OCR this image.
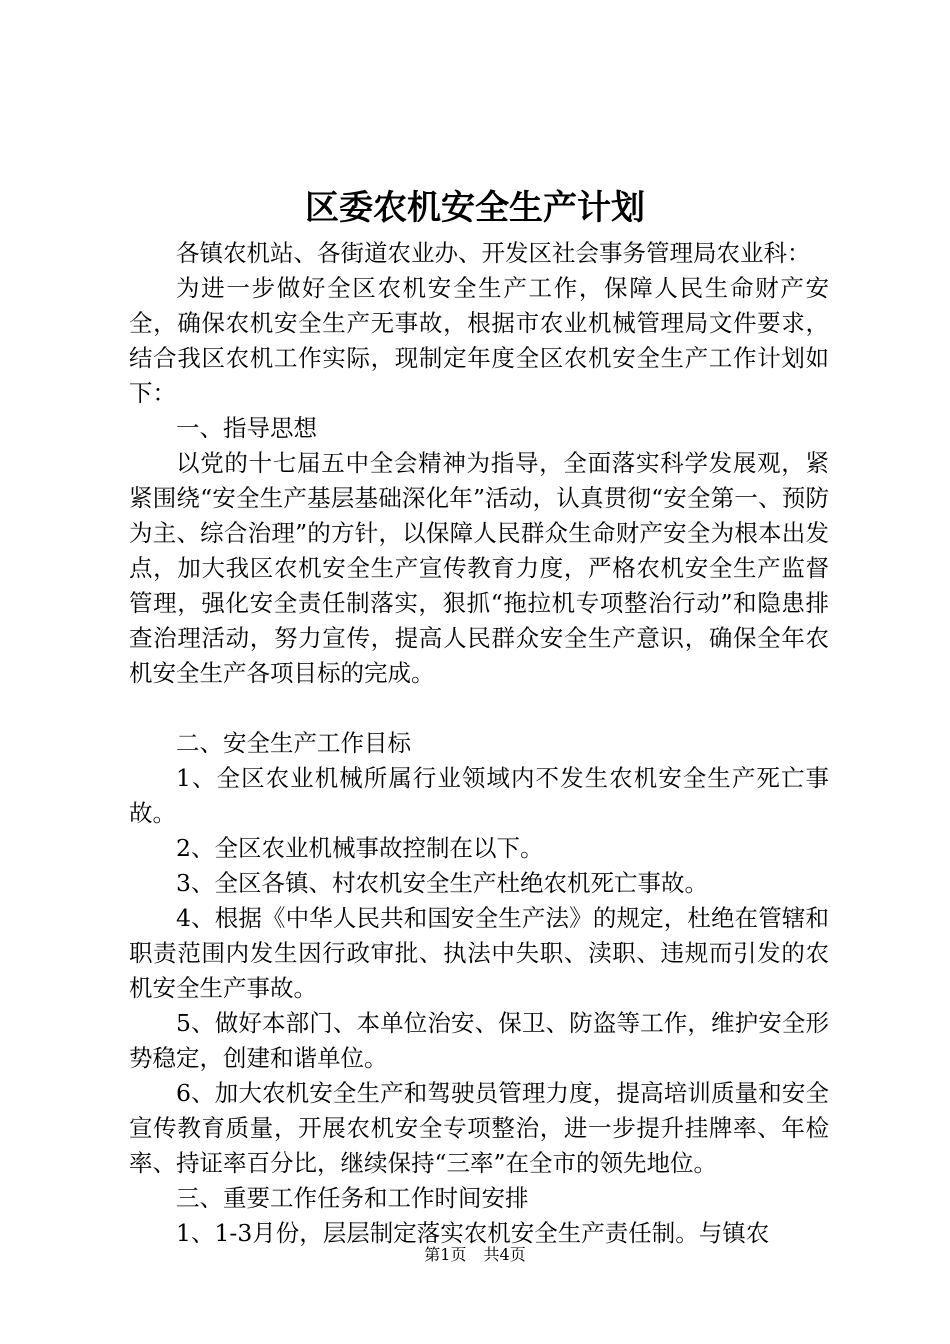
区委农机安全生产计划

各镇农机站、各街道农业办、开发区社会事务管理局农业科：

为进一步做好全区农机安全生产工作，保障人民生命财产安全，确保农机安全生产无事故，根据市农业机械管理局文件要求，结合我区农机工作实际，现制定年度全区农机安全生产工作计划如下：

一、指导思想

以党的十七届五中全会精神为指导，全面落实科学发展观，紧紧围绕“安全生产基层基础深化年”活动，认真贯彻“安全第一、预防为主、综合治理”的方针，以保障人民群众生命财产安全为根本出发点，加大我区农机安全生产宣传教育力度，严格农机安全生产监督管理，强化安全责任制落实，狠抓“拖拉机专项整治行动”和隐患排查治理活动，努力宣传，提高人民群众安全生产意识，确保全年农机安全生产各项目标的完成。

二、安全生产工作目标

1、全区农业机械所属行业领域内不发生农机安全生产死亡事故。

2、全区农业机械事故控制在以下。

3、全区各镇、村农机安全生产杜绝农机死亡事故。

4、根据《中华人民共和国安全生产法》的规定，杜绝在管辖和职责范围内发生因行政审批、执法中失职、渎职、违规而引发的农机安全生产事故。

5、做好本部门、本单位治安、保卫、防盗等工作，维护安全形势稳定，创建和谐单位。

6、加大农机安全生产和驾驶员管理力度，提高培训质量和安全宣传教育质量，开展农机安全专项整治，进一步提升挂牌率、年检率、持证率百分比，继续保持“三率”在全市的领先地位。

三、重要工作任务和工作时间安排

1、1-3月份，层层制定落实农机安全生产责任制。与镇农

第1页 共4页
